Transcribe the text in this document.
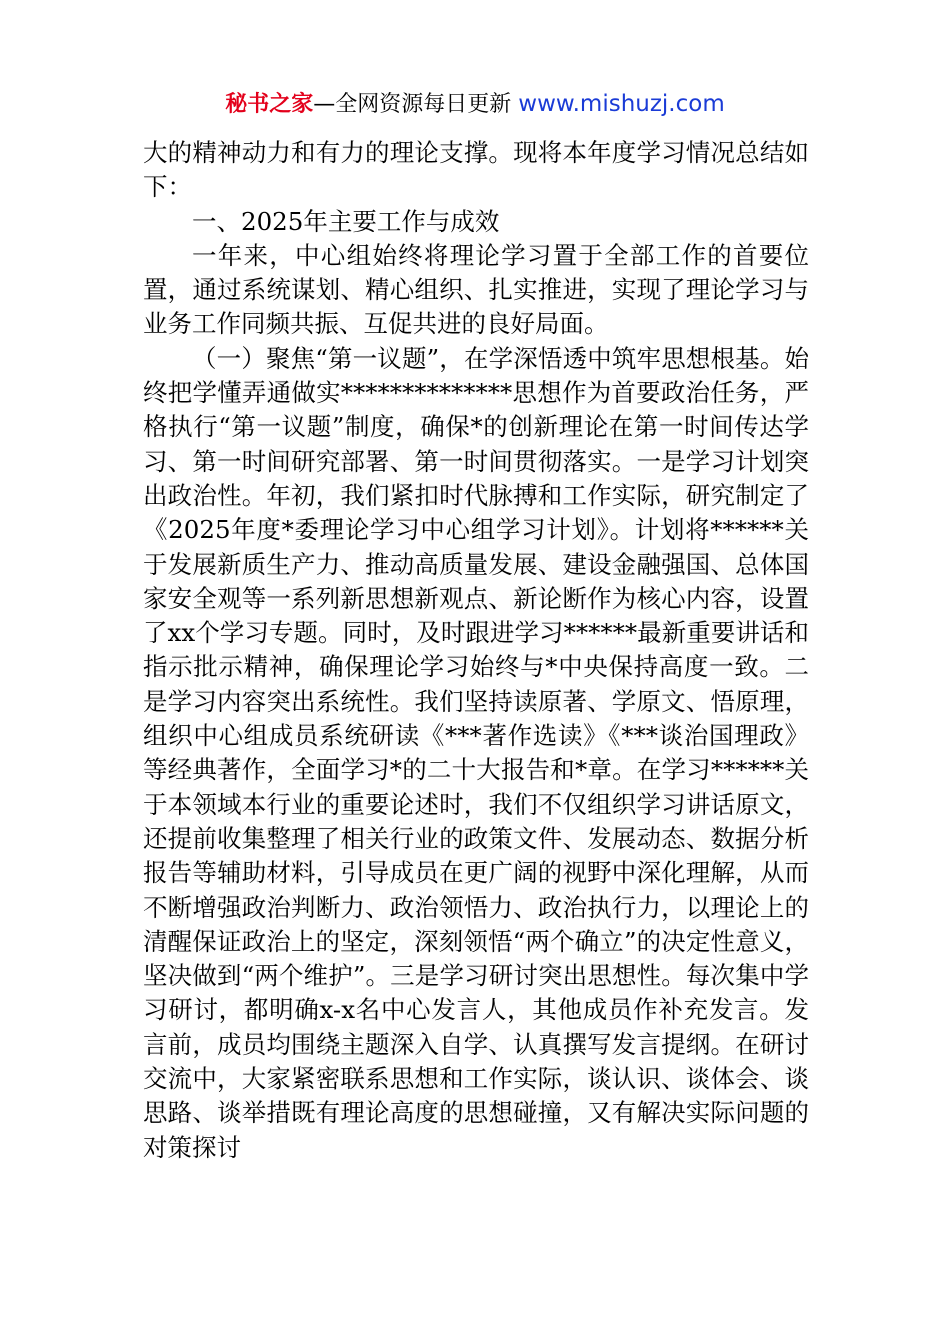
秘书之家—全网资源每日更新 www.mishuzj.com

大的精神动力和有力的理论支撑。现将本年度学习情况总结如下：

一、2025年主要工作与成效

一年来，中心组始终将理论学习置于全部工作的首要位置，通过系统谋划、精心组织、扎实推进，实现了理论学习与业务工作同频共振、互促共进的良好局面。

（一）聚焦“第一议题”，在学深悟透中筑牢思想根基。始终把学懂弄通做实**************思想作为首要政治任务，严格执行“第一议题”制度，确保*的创新理论在第一时间传达学习、第一时间研究部署、第一时间贯彻落实。一是学习计划突出政治性。年初，我们紧扣时代脉搏和工作实际，研究制定了《2025年度*委理论学习中心组学习计划》。计划将******关于发展新质生产力、推动高质量发展、建设金融强国、总体国家安全观等一系列新思想新观点、新论断作为核心内容，设置了xx个学习专题。同时，及时跟进学习******最新重要讲话和指示批示精神，确保理论学习始终与*中央保持高度一致。二是学习内容突出系统性。我们坚持读原著、学原文、悟原理，组织中心组成员系统研读《***著作选读》《***谈治国理政》等经典著作，全面学习*的二十大报告和*章。在学习******关于本领域本行业的重要论述时，我们不仅组织学习讲话原文，还提前收集整理了相关行业的政策文件、发展动态、数据分析报告等辅助材料，引导成员在更广阔的视野中深化理解，从而不断增强政治判断力、政治领悟力、政治执行力，以理论上的清醒保证政治上的坚定，深刻领悟“两个确立”的决定性意义，坚决做到“两个维护”。三是学习研讨突出思想性。每次集中学习研讨，都明确x-x名中心发言人，其他成员作补充发言。发言前，成员均围绕主题深入自学、认真撰写发言提纲。在研讨交流中，大家紧密联系思想和工作实际，谈认识、谈体会、谈思路、谈举措既有理论高度的思想碰撞，又有解决实际问题的对策探讨
